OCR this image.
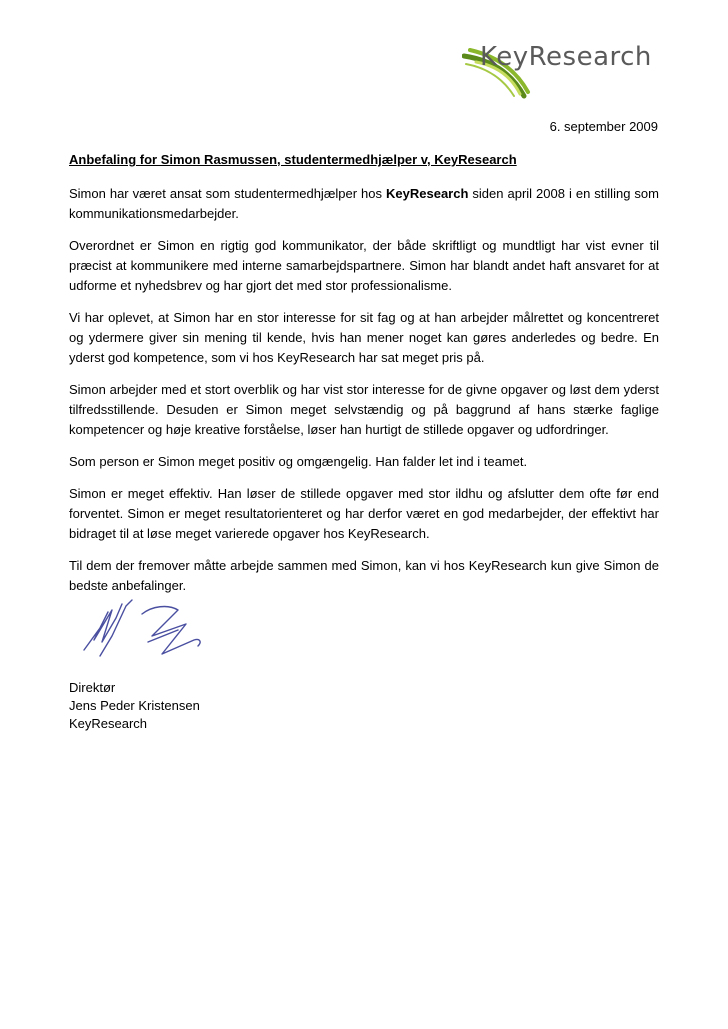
KeyResearch
6. september 2009
Anbefaling for Simon Rasmussen, studentermedhjælper v, KeyResearch

Simon har været ansat som studentermedhjælper hos KeyResearch siden april 2008 i en stilling som kommunikationsmedarbejder.

Overordnet er Simon en rigtig god kommunikator, der både skriftligt og mundtligt har vist evner til præcist at kommunikere med interne samarbejdspartnere. Simon har blandt andet haft ansvaret for at udforme et nyhedsbrev og har gjort det med stor professionalisme.

Vi har oplevet, at Simon har en stor interesse for sit fag og at han arbejder målrettet og koncentreret og ydermere giver sin mening til kende, hvis han mener noget kan gøres anderledes og bedre. En yderst god kompetence, som vi hos KeyResearch har sat meget pris på.

Simon arbejder med et stort overblik og har vist stor interesse for de givne opgaver og løst dem yderst tilfredsstillende. Desuden er Simon meget selvstændig og på baggrund af hans stærke faglige kompetencer og høje kreative forståelse, løser han hurtigt de stillede opgaver og udfordringer.

Som person er Simon meget positiv og omgængelig. Han falder let ind i teamet.

Simon er meget effektiv. Han løser de stillede opgaver med stor ildhu og afslutter dem ofte før end forventet. Simon er meget resultatorienteret og har derfor været en god medarbejder, der effektivt har bidraget til at løse meget varierede opgaver hos KeyResearch.

Til dem der fremover måtte arbejde sammen med Simon, kan vi hos KeyResearch kun give Simon de bedste anbefalinger.

Direktør
Jens Peder Kristensen
KeyResearch
